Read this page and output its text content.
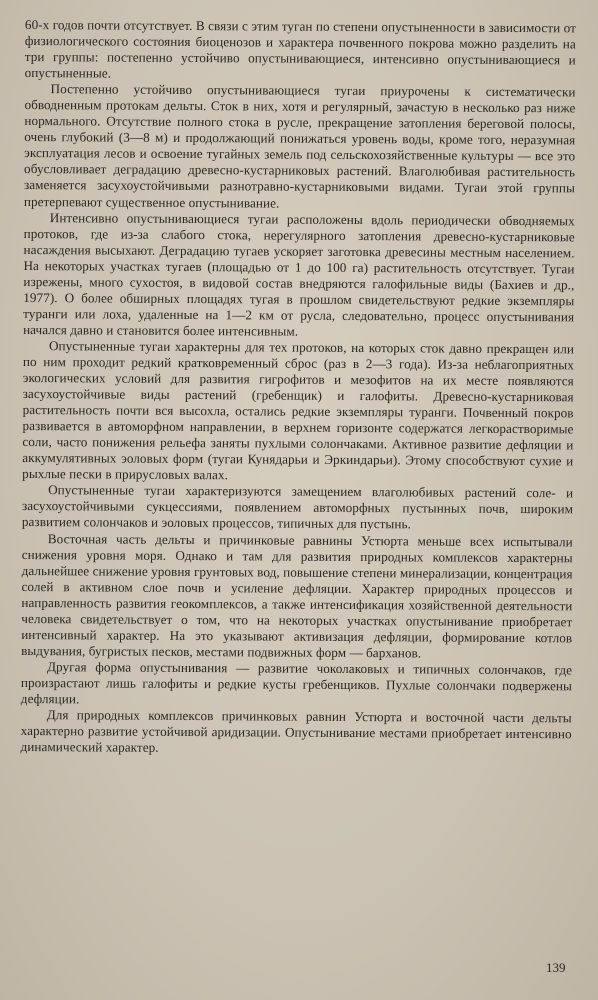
60-х годов почти отсутствует. В связи с этим туган по степени опустыненности в зависимости от физиологического состояния биоценозов и характера почвенного покрова можно разделить на три группы: постепенно устойчиво опустынивающиеся, интенсивно опустынивающиеся и опустыненные.

Постепенно устойчиво опустынивающиеся тугаи приурочены к систематически обводненным протокам дельты. Сток в них, хотя и регулярный, зачастую в несколько раз ниже нормального. Отсутствие полного стока в русле, прекращение затопления береговой полосы, очень глубокий (3—8 м) и продолжающий понижаться уровень воды, кроме того, неразумная эксплуатация лесов и освоение тугайных земель под сельскохозяйственные культуры — все это обусловливает деградацию древесно-кустарниковых растений. Влаголюбивая растительность заменяется засухоустойчивыми разнотравно-кустарниковыми видами. Тугаи этой группы претерпевают существенное опустынивание.

Интенсивно опустынивающиеся тугаи расположены вдоль периодически обводняемых протоков, где из-за слабого стока, нерегулярного затопления древесно-кустарниковые насаждения высыхают. Деградацию тугаев ускоряет заготовка древесины местным населением. На некоторых участках тугаев (площадью от 1 до 100 га) растительность отсутствует. Тугаи изрежены, много сухостоя, в видовой состав внедряются галофильные виды (Бахиев и др., 1977). О более обширных площадях тугая в прошлом свидетельствуют редкие экземпляры туранги или лоха, удаленные на 1—2 км от русла, следовательно, процесс опустынивания начался давно и становится более интенсивным.

Опустыненные тугаи характерны для тех протоков, на которых сток давно прекращен или по ним проходит редкий кратковременный сброс (раз в 2—3 года). Из-за неблагоприятных экологических условий для развития гигрофитов и мезофитов на их месте появляются засухоустойчивые виды растений (гребенщик) и галофиты. Древесно-кустарниковая растительность почти вся высохла, остались редкие экземпляры туранги. Почвенный покров развивается в автоморфном направлении, в верхнем горизонте содержатся легкорастворимые соли, часто понижения рельефа заняты пухлыми солончаками. Активное развитие дефляции и аккумулятивных эоловых форм (тугаи Кунядарьи и Эркиндарьи). Этому способствуют сухие и рыхлые пески в прирусловых валах.

Опустыненные тугаи характеризуются замещением влаголюбивых растений соле- и засухоустойчивыми сукцессиями, появлением автоморфных пустынных почв, широким развитием солончаков и эоловых процессов, типичных для пустынь.

Восточная часть дельты и причинковые равнины Устюрта меньше всех испытывали снижения уровня моря. Однако и там для развития природных комплексов характерны дальнейшее снижение уровня грунтовых вод, повышение степени минерализации, концентрация солей в активном слое почв и усиление дефляции. Характер природных процессов и направленность развития геокомплексов, а также интенсификация хозяйственной деятельности человека свидетельствует о том, что на некоторых участках опустынивание приобретает интенсивный характер. На это указывают активизация дефляции, формирование котлов выдувания, бугристых песков, местами подвижных форм — барханов.

Другая форма опустынивания — развитие чоколаковых и типичных солончаков, где произрастают лишь галофиты и редкие кусты гребенщиков. Пухлые солончаки подвержены дефляции.

Для природных комплексов причинковых равнин Устюрта и восточной части дельты характерно развитие устойчивой аридизации. Опустынивание местами приобретает интенсивно динамический характер.

139
